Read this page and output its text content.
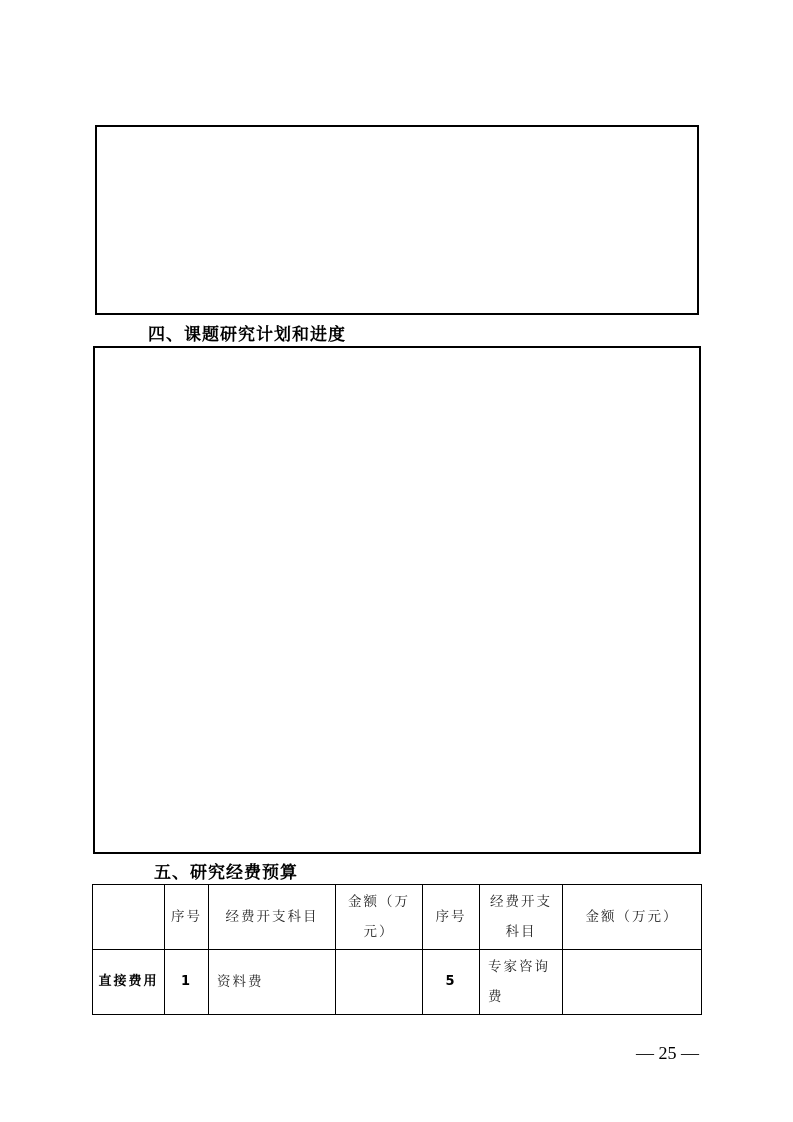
四、课题研究计划和进度
五、研究经费预算
	序号	经费开支科目	金额（万元）	序号	经费开支科目	金额（万元）
直接费用	1	资料费		5	专家咨询费	
— 25 —
